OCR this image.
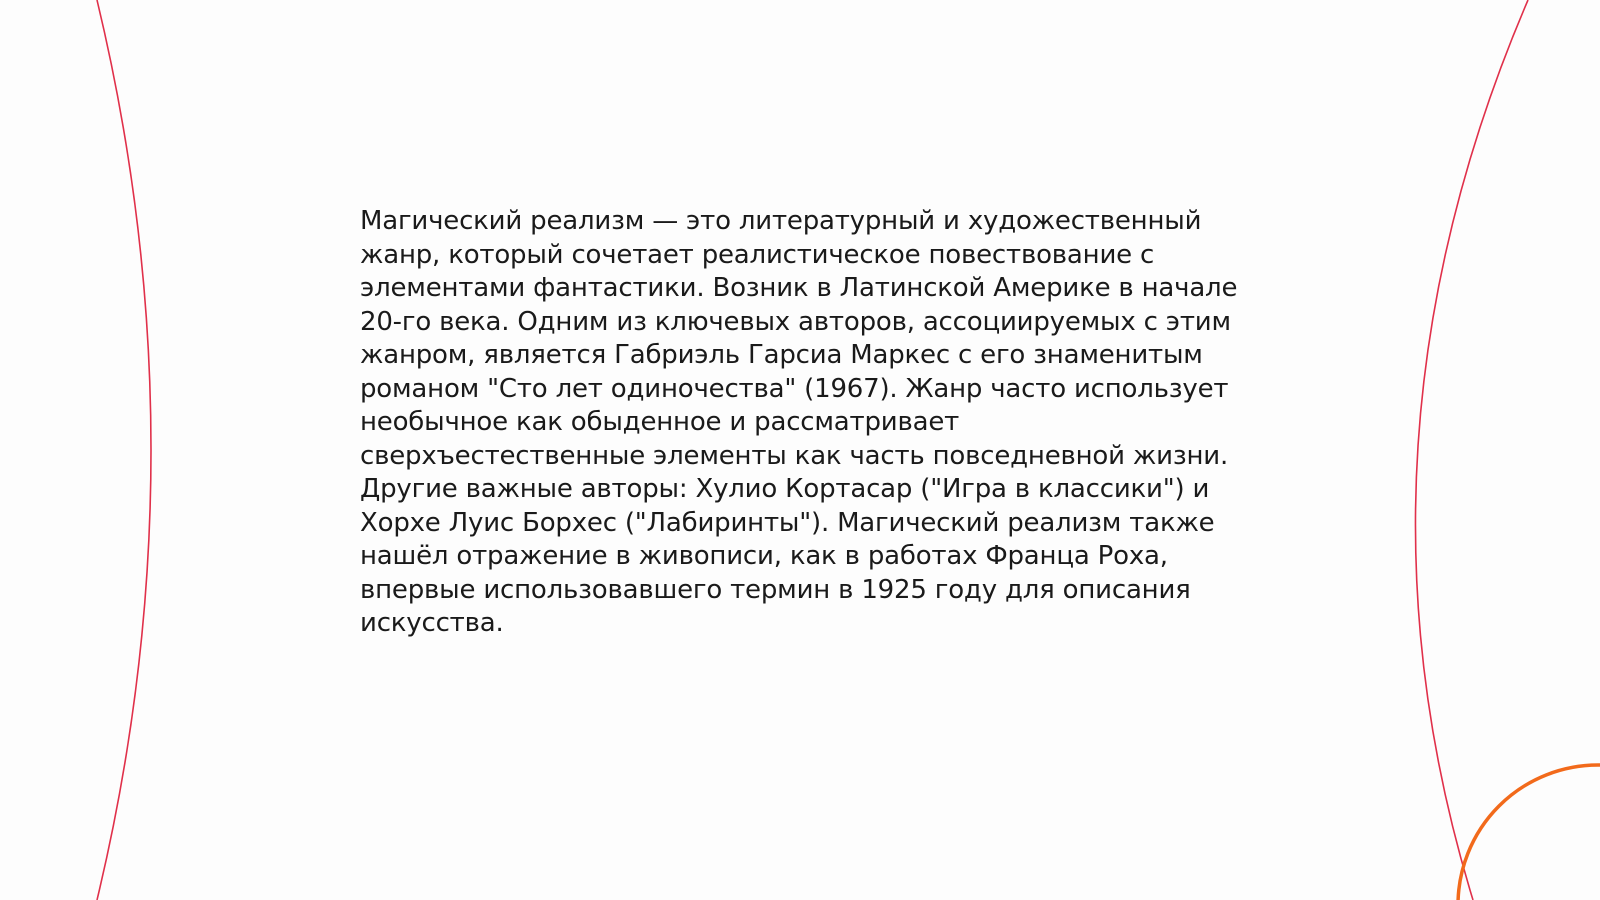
Магический реализм — это литературный и художественный жанр, который сочетает реалистическое повествование с элементами фантастики. Возник в Латинской Америке в начале 20-го века. Одним из ключевых авторов, ассоциируемых с этим жанром, является Габриэль Гарсиа Маркес с его знаменитым романом "Сто лет одиночества" (1967). Жанр часто использует необычное как обыденное и рассматривает сверхъестественные элементы как часть повседневной жизни. Другие важные авторы: Хулио Кортасар ("Игра в классики") и Хорхе Луис Борхес ("Лабиринты"). Магический реализм также нашёл отражение в живописи, как в работах Франца Роха, впервые использовавшего термин в 1925 году для описания искусства.
